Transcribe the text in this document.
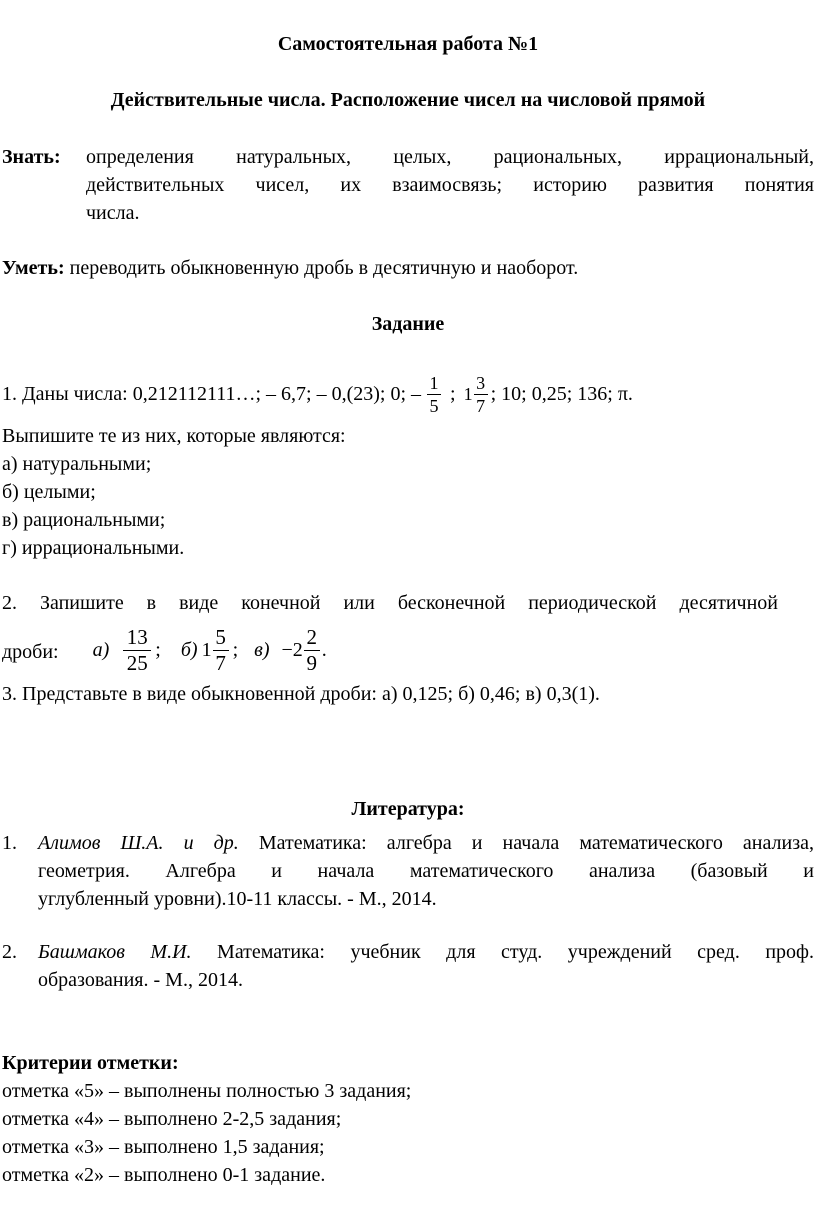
Самостоятельная работа №1
Действительные числа. Расположение чисел на числовой прямой
Знать: определения натуральных, целых, рациональных, иррациональный,
действительных чисел, их взаимосвязь; историю развития понятия
числа.
Уметь: переводить обыкновенную дробь в десятичную и наоборот.
Задание
1. Даны числа: 0,212112111…; – 6,7; – 0,(23); 0; – $\frac{1}{5}$ ; $1 \frac{3}{7}$ ; 10; 0,25; 136; π.
Выпишите те из них, которые являются:
а) натуральными;
б) целыми;
в) рациональными;
г) иррациональными.
2. Запишите в виде конечной или бесконечной периодической десятичной
дроби: $а) \frac{13}{25}$ ; б) $1 \frac{5}{7}$ ; $в) -2 \frac{2}{9}$ .
3. Представьте в виде обыкновенной дроби: а) 0,125; б) 0,46; в) 0,3(1).
Литература:
1. Алимов Ш.А. и др. Математика: алгебра и начала математического анализа,
геометрия. Алгебра и начала математического анализа (базовый и
углубленный уровни).10-11 классы. - М., 2014.
2. Башмаков М.И. Математика: учебник для студ. учреждений сред. проф.
образования. - М., 2014.
Критерии отметки:
отметка «5» – выполнены полностью 3 задания;
отметка «4» – выполнено 2-2,5 задания;
отметка «3» – выполнено 1,5 задания;
отметка «2» – выполнено 0-1 задание.
